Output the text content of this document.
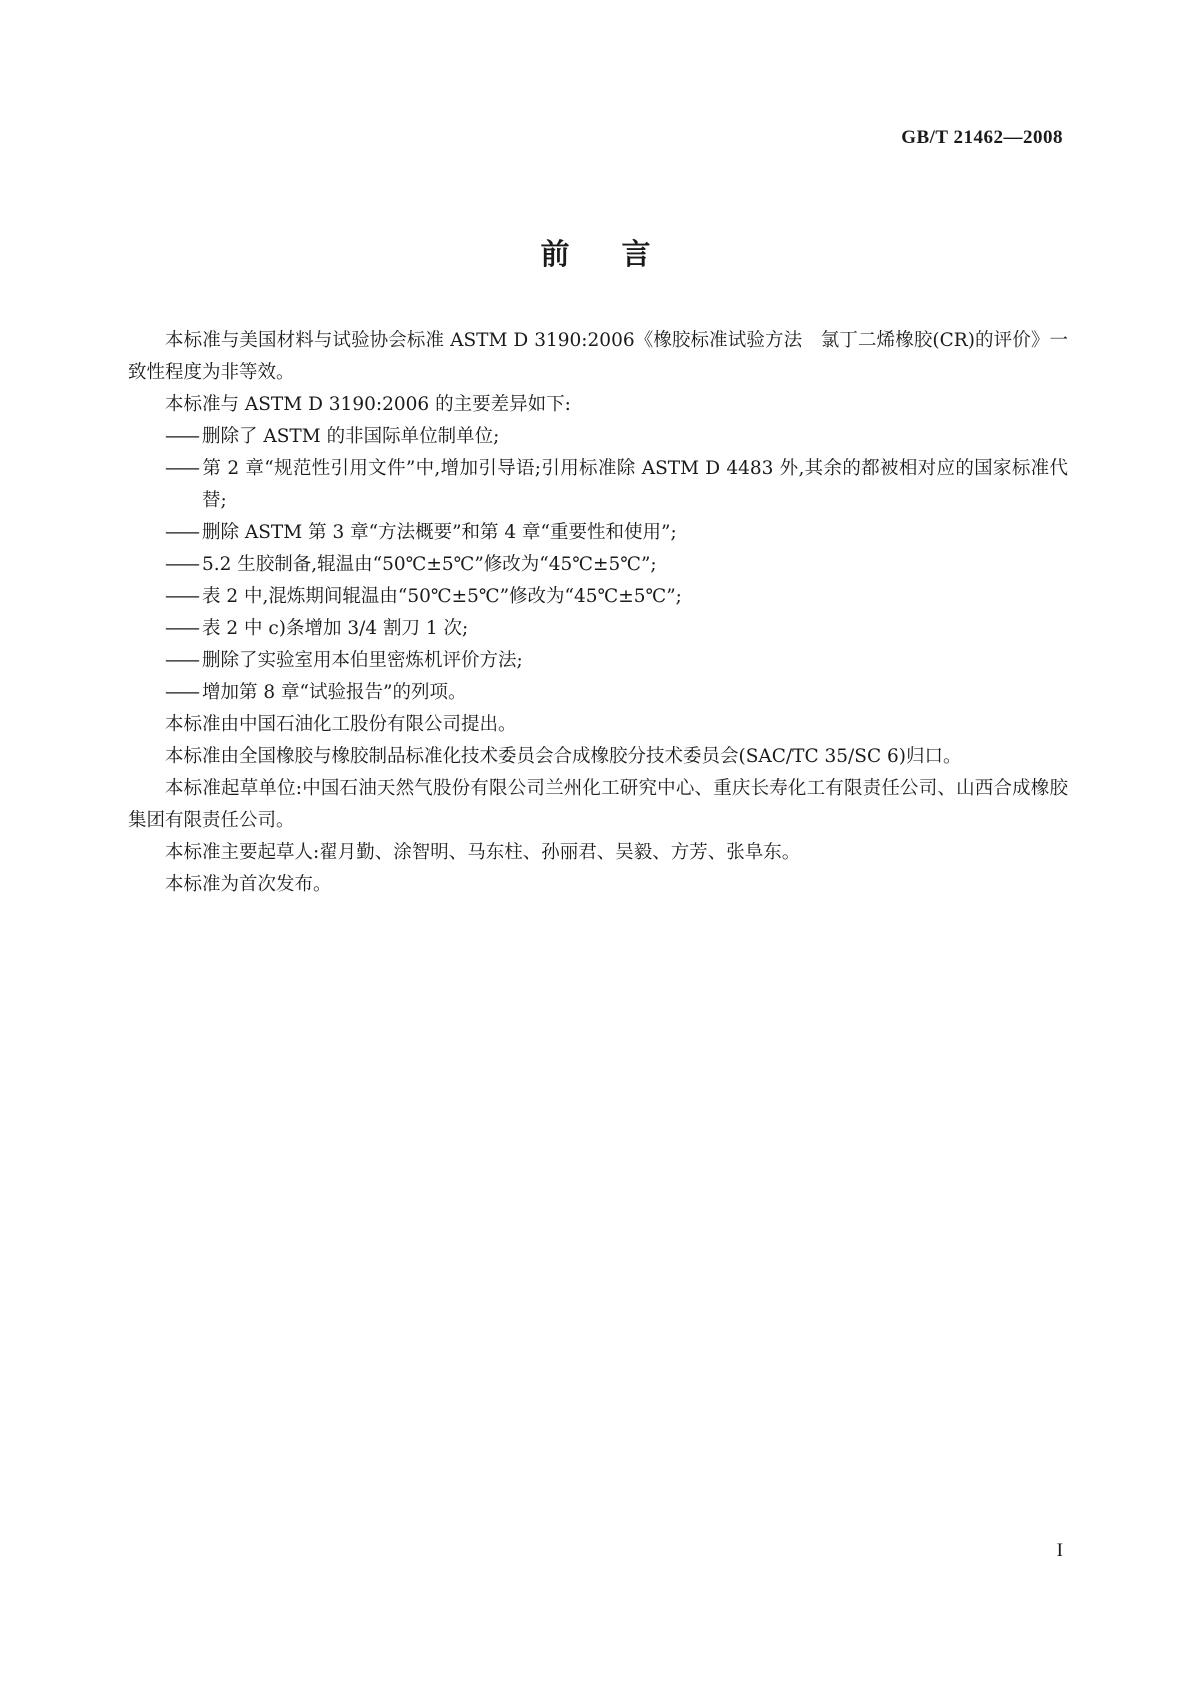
GB/T 21462—2008
前言

本标准与美国材料与试验协会标准 ASTM D 3190:2006《橡胶标准试验方法　氯丁二烯橡胶(CR)的评价》一致性程度为非等效。

本标准与 ASTM D 3190:2006 的主要差异如下:

—— 删除了 ASTM 的非国际单位制单位;

—— 第 2 章“规范性引用文件”中,增加引导语;引用标准除 ASTM D 4483 外,其余的都被相对应的国家标准代替;

—— 删除 ASTM 第 3 章“方法概要”和第 4 章“重要性和使用”;

—— 5.2 生胶制备,辊温由“50℃±5℃”修改为“45℃±5℃”;

—— 表 2 中,混炼期间辊温由“50℃±5℃”修改为“45℃±5℃”;

—— 表 2 中 c)条增加 3/4 割刀 1 次;

—— 删除了实验室用本伯里密炼机评价方法;

—— 增加第 8 章“试验报告”的列项。

本标准由中国石油化工股份有限公司提出。

本标准由全国橡胶与橡胶制品标准化技术委员会合成橡胶分技术委员会(SAC/TC 35/SC 6)归口。

本标准起草单位:中国石油天然气股份有限公司兰州化工研究中心、重庆长寿化工有限责任公司、山西合成橡胶集团有限责任公司。

本标准主要起草人:翟月勤、涂智明、马东柱、孙丽君、吴毅、方芳、张阜东。

本标准为首次发布。

I
